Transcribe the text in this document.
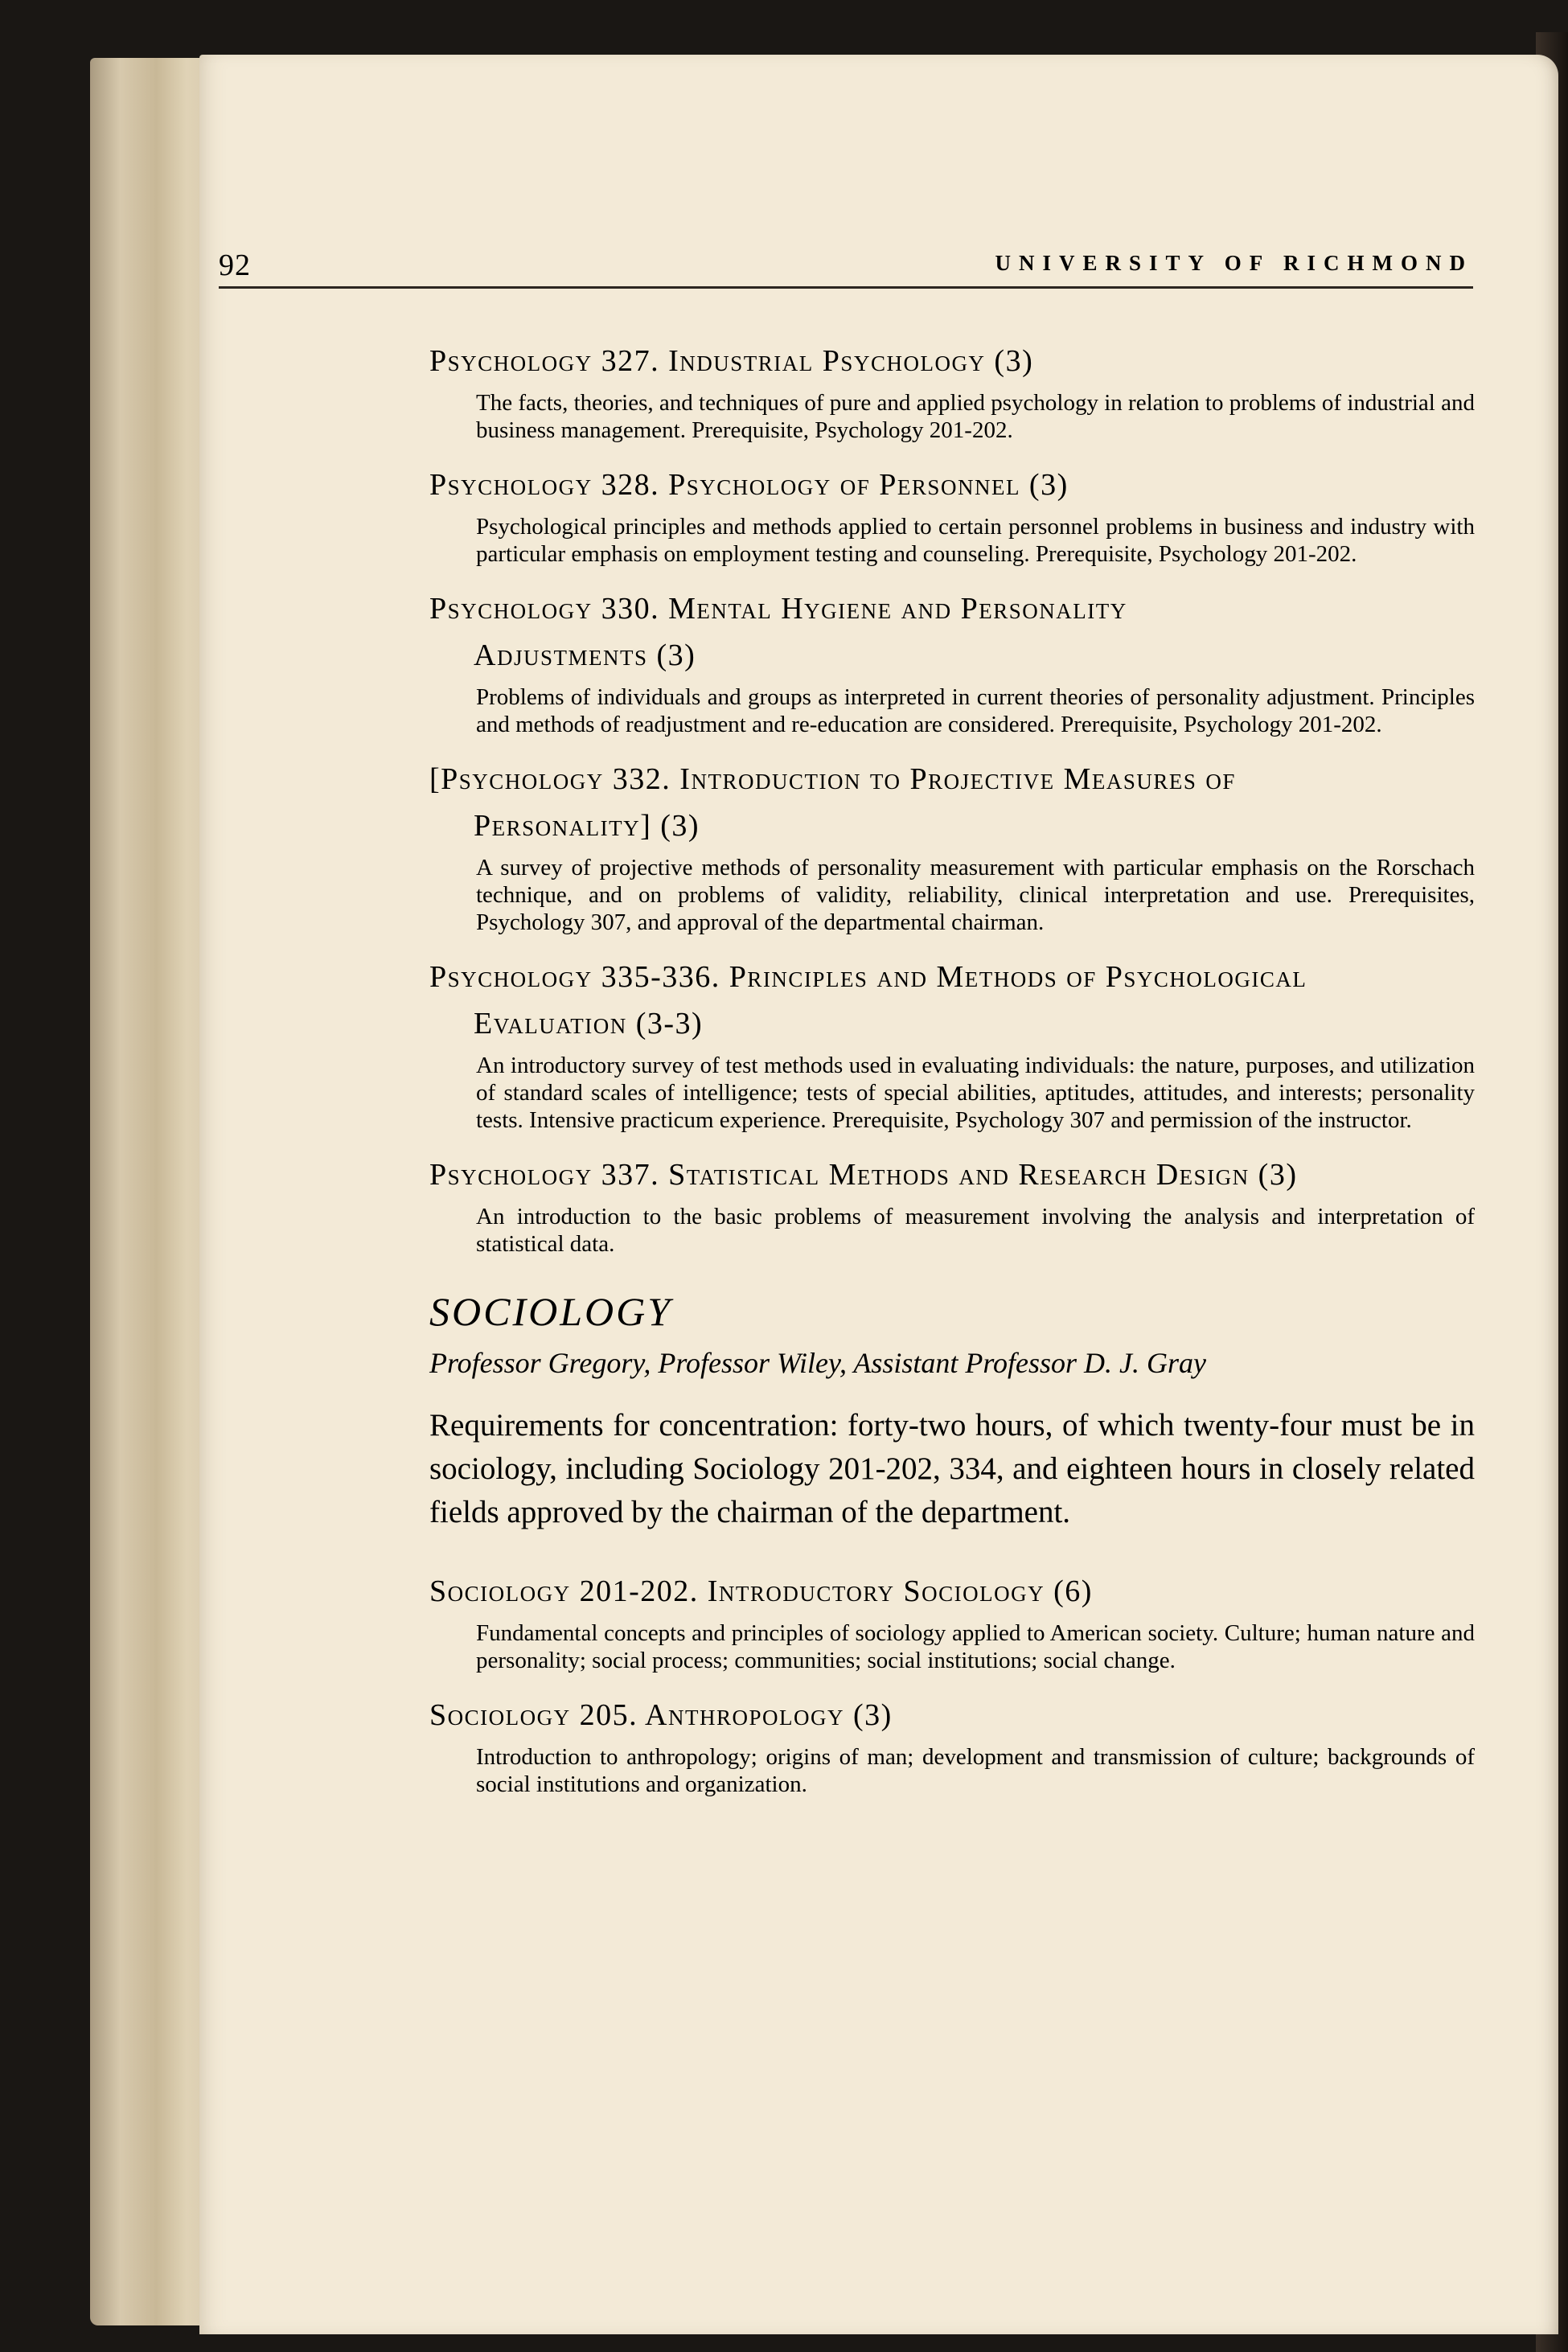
92	UNIVERSITY OF RICHMOND

Psychology 327. Industrial Psychology (3)

The facts, theories, and techniques of pure and applied psychology in relation to problems of industrial and business management. Prerequisite, Psychology 201-202.

Psychology 328. Psychology of Personnel (3)

Psychological principles and methods applied to certain personnel problems in business and industry with particular emphasis on employment testing and counseling. Prerequisite, Psychology 201-202.

Psychology 330. Mental Hygiene and Personality

Adjustments (3)

Problems of individuals and groups as interpreted in current theories of personality adjustment. Principles and methods of readjustment and re-education are considered. Prerequisite, Psychology 201-202.

[Psychology 332. Introduction to Projective Measures of

Personality] (3)

A survey of projective methods of personality measurement with particular emphasis on the Rorschach technique, and on problems of validity, reliability, clinical interpretation and use. Prerequisites, Psychology 307, and approval of the departmental chairman.

Psychology 335-336. Principles and Methods of Psychological

Evaluation (3-3)

An introductory survey of test methods used in evaluating individuals: the nature, purposes, and utilization of standard scales of intelligence; tests of special abilities, aptitudes, attitudes, and interests; personality tests. Intensive practicum experience. Prerequisite, Psychology 307 and permission of the instructor.

Psychology 337. Statistical Methods and Research Design (3)

An introduction to the basic problems of measurement involving the analysis and interpretation of statistical data.

SOCIOLOGY
Professor Gregory, Professor Wiley, Assistant Professor D. J. Gray

Requirements for concentration: forty-two hours, of which twenty-four must be in sociology, including Sociology 201-202, 334, and eighteen hours in closely related fields approved by the chairman of the department.

Sociology 201-202. Introductory Sociology (6)

Fundamental concepts and principles of sociology applied to American society. Culture; human nature and personality; social process; communities; social institutions; social change.

Sociology 205. Anthropology (3)

Introduction to anthropology; origins of man; development and transmission of culture; backgrounds of social institutions and organization.
